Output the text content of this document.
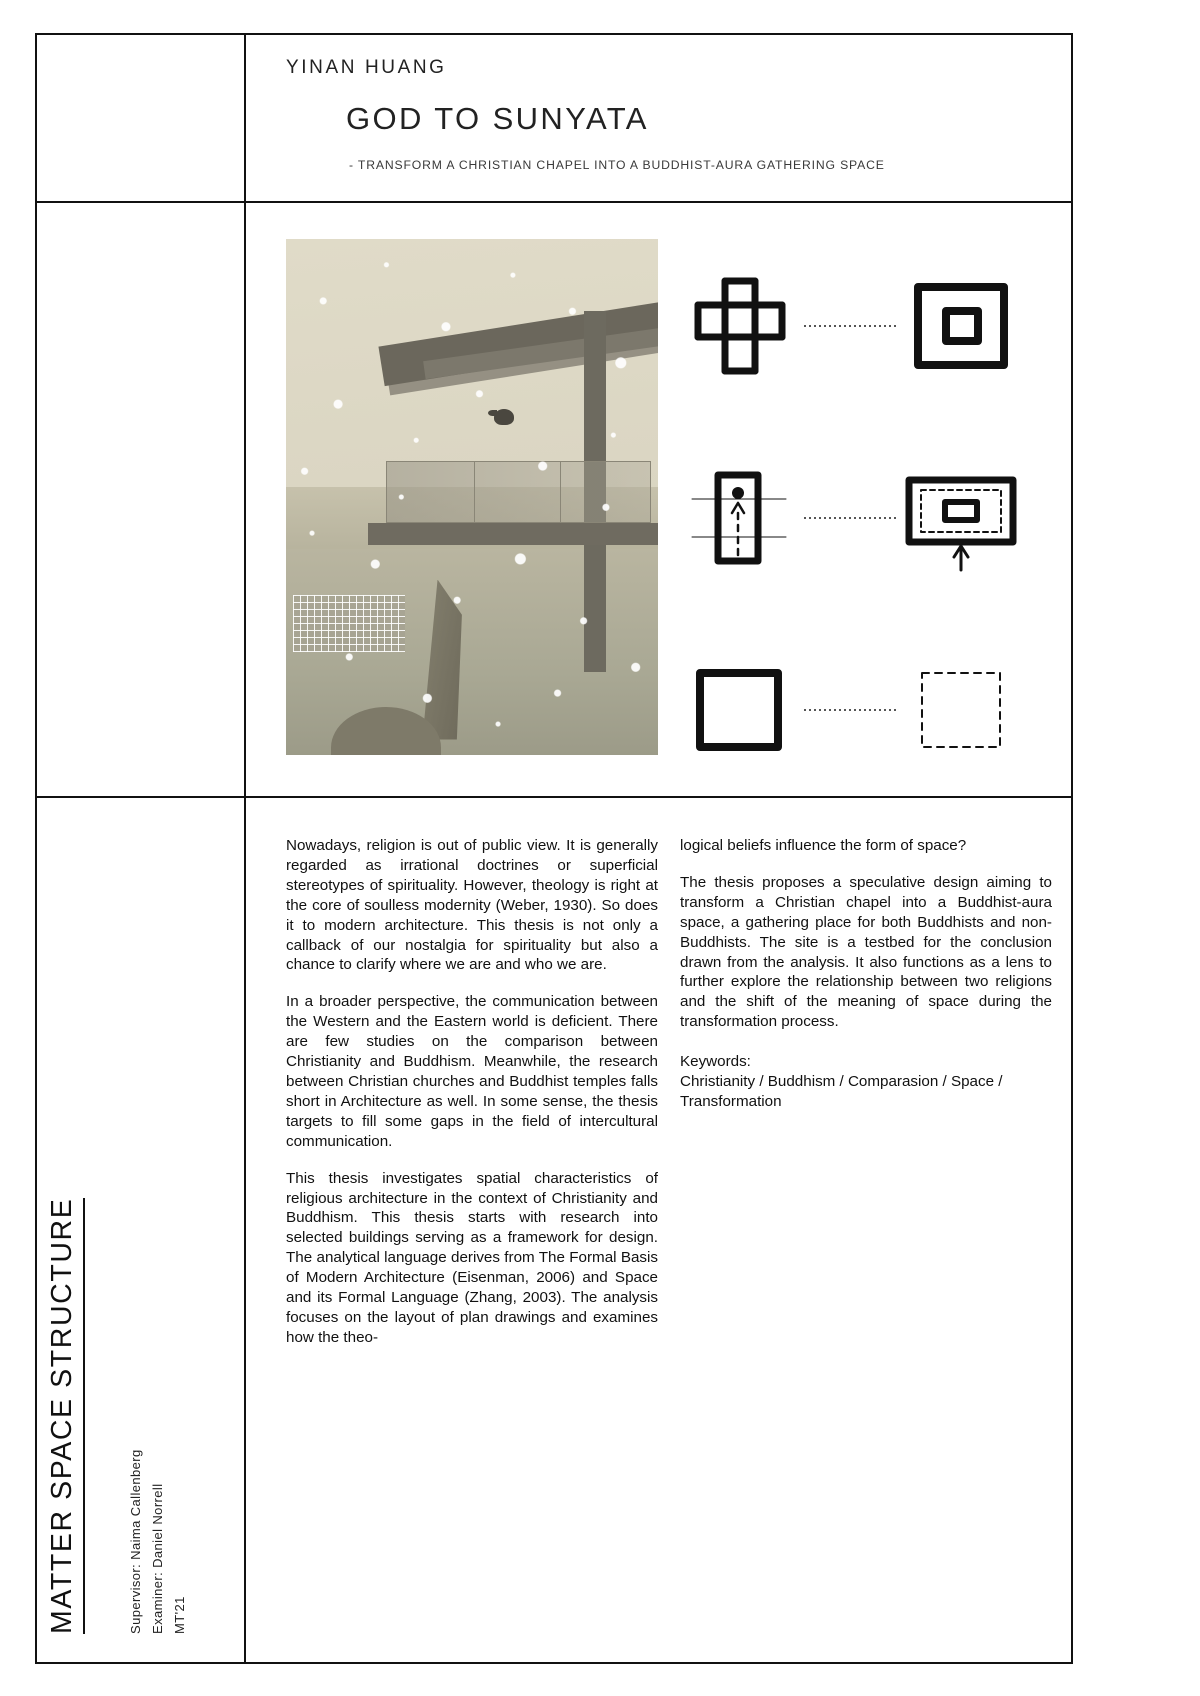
YINAN HUANG
GOD TO SUNYATA
- TRANSFORM A CHRISTIAN CHAPEL INTO A BUDDHIST-AURA GATHERING SPACE
MATTER SPACE STRUCTURE	Supervisor: Naima Callenberg Examiner: Daniel Norrell MT'21

Nowadays, religion is out of public view. It is generally regarded as irrational doctrines or superficial stereotypes of spirituality. However, theology is right at the core of soulless modernity (Weber, 1930). So does it to modern architecture. This thesis is not only a callback of our nostalgia for spirituality but also a chance to clarify where we are and who we are.

In a broader perspective, the communication between the Western and the Eastern world is deficient. There are few studies on the comparison between Christianity and Buddhism. Meanwhile, the research between Christian churches and Buddhist temples falls short in Architecture as well. In some sense, the thesis targets to fill some gaps in the field of intercultural communication.

This thesis investigates spatial characteristics of religious architecture in the context of Christianity and Buddhism. This thesis starts with research into selected buildings serving as a framework for design. The analytical language derives from The Formal Basis of Modern Architecture (Eisenman, 2006) and Space and its Formal Language (Zhang, 2003). The analysis focuses on the layout of plan drawings and examines how the theo-

logical beliefs influence the form of space?

The thesis proposes a speculative design aiming to transform a Christian chapel into a Buddhist-aura space, a gathering place for both Buddhists and non-Buddhists. The site is a testbed for the conclusion drawn from the analysis. It also functions as a lens to further explore the relationship between two religions and the shift of the meaning of space during the transformation process.

Keywords:

Christianity / Buddhism / Comparasion / Space / Transformation
